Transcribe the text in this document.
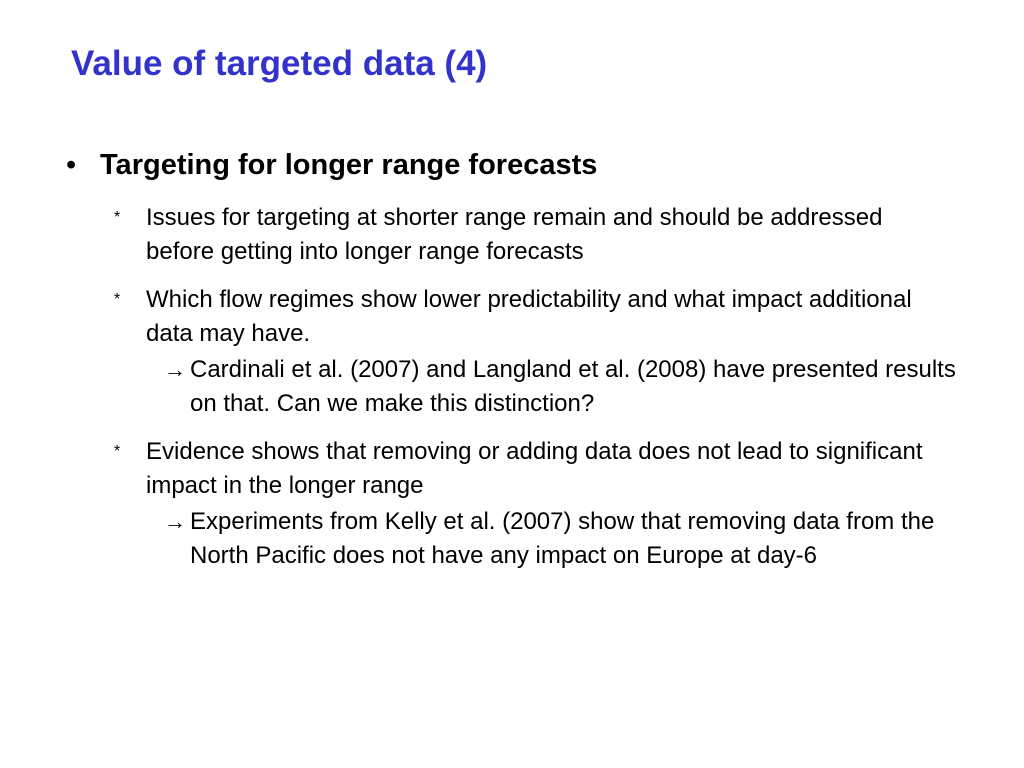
Value of targeted data (4)
• Targeting for longer range forecasts
* Issues for targeting at shorter range remain and should be addressed before getting into longer range forecasts
* Which flow regimes show lower predictability and what impact additional data may have.
→ Cardinali et al. (2007) and Langland et al. (2008) have presented results on that. Can we make this distinction?
* Evidence shows that removing or adding data does not lead to significant impact in the longer range
→ Experiments from Kelly et al. (2007) show that removing data from the North Pacific does not have any impact on Europe at day-6
